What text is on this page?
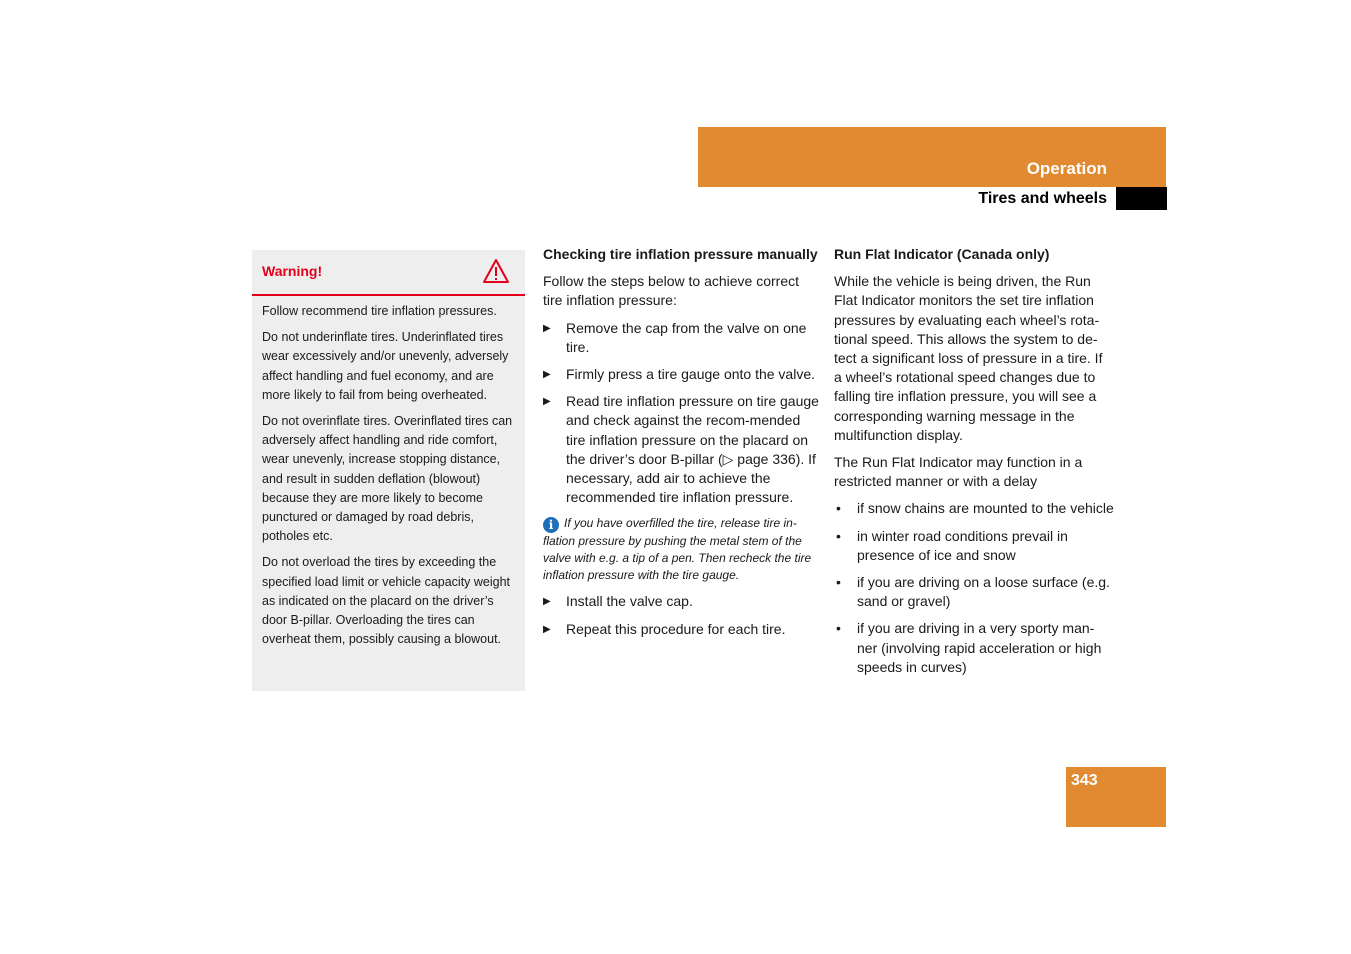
Operation
Tires and wheels
Warning!

Follow recommend tire inflation pressures.

Do not underinflate tires. Underinflated tires wear excessively and/or unevenly, adversely affect handling and fuel economy, and are more likely to fail from being overheated.

Do not overinflate tires. Overinflated tires can adversely affect handling and ride comfort, wear unevenly, increase stopping distance, and result in sudden deflation (blowout) because they are more likely to become punctured or damaged by road debris, potholes etc.

Do not overload the tires by exceeding the specified load limit or vehicle capacity weight as indicated on the placard on the driver’s door B-pillar. Overloading the tires can overheat them, possibly causing a blowout.

Checking tire inflation pressure manually

Follow the steps below to achieve correct tire inflation pressure:

▶ Remove the cap from the valve on one tire.
▶ Firmly press a tire gauge onto the valve.
▶ Read tire inflation pressure on tire gauge and check against the recom-mended tire inflation pressure on the placard on the driver’s door B-pillar (▷ page 336). If necessary, add air to achieve the recommended tire inflation pressure.
i If you have overfilled the tire, release tire in-flation pressure by pushing the metal stem of the valve with e.g. a tip of a pen. Then recheck the tire inflation pressure with the tire gauge.
▶ Install the valve cap.
▶ Repeat this procedure for each tire.
Run Flat Indicator (Canada only)

While the vehicle is being driven, the Run Flat Indicator monitors the set tire inflation pressures by evaluating each wheel’s rota-tional speed. This allows the system to de-tect a significant loss of pressure in a tire. If a wheel’s rotational speed changes due to falling tire inflation pressure, you will see a corresponding warning message in the multifunction display.

The Run Flat Indicator may function in a restricted manner or with a delay

• if snow chains are mounted to the vehicle
• in winter road conditions prevail in presence of ice and snow
• if you are driving on a loose surface (e.g. sand or gravel)
• if you are driving in a very sporty man-ner (involving rapid acceleration or high speeds in curves)
343
